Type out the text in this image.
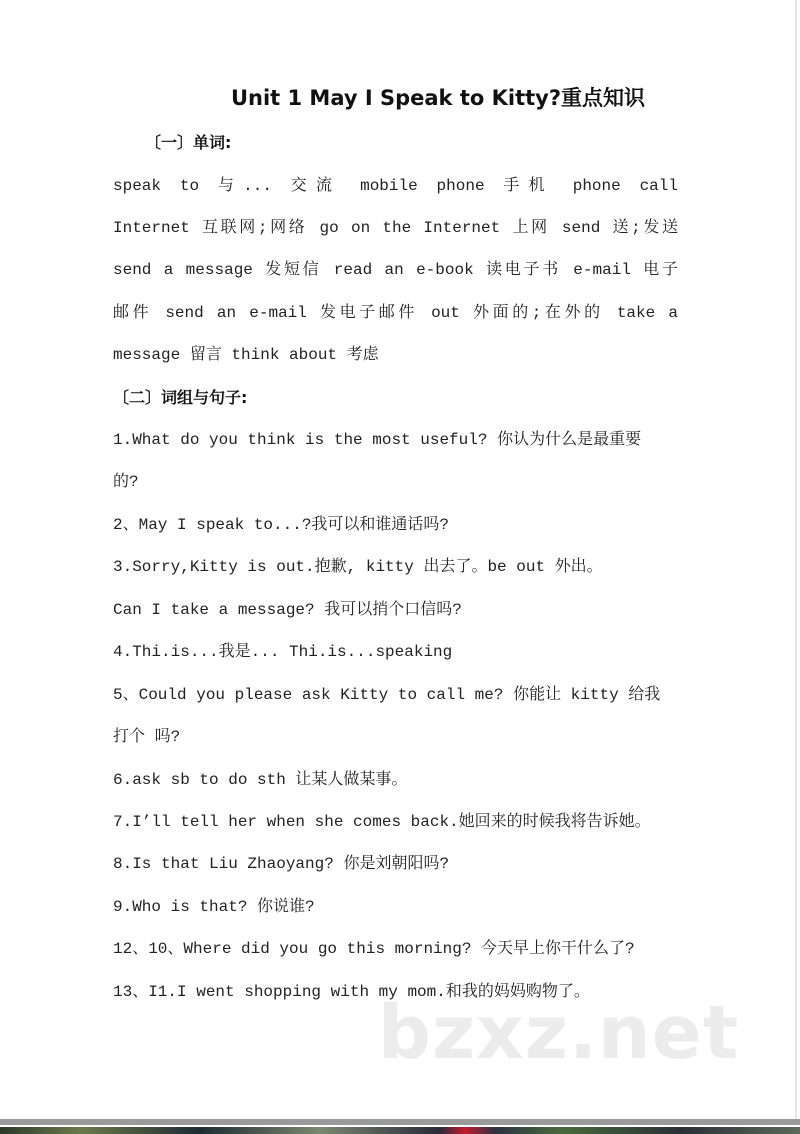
Unit 1 May I Speak to Kitty?重点知识
〔一〕单词:
speak to 与... 交流 mobile phone 手机 phone call
Internet 互联网;网络 go on the Internet 上网 send 送;发送
send a message 发短信 read an e-book 读电子书 e-mail 电子
邮件 send an e-mail 发电子邮件 out 外面的;在外的 take a
message 留言 think about 考虑
〔二〕词组与句子:
1.What do you think is the most useful? 你认为什么是最重要
的?
2、May I speak to...?我可以和谁通话吗?
3.Sorry,Kitty is out.抱歉, kitty 出去了。be out 外出。
Can I take a message? 我可以捎个口信吗?
4.Thi.is...我是... Thi.is...speaking
5、Could you please ask Kitty to call me? 你能让 kitty 给我
打个 吗?
6.ask sb to do sth 让某人做某事。
7.I’ll tell her when she comes back.她回来的时候我将告诉她。
8.Is that Liu Zhaoyang? 你是刘朝阳吗?
9.Who is that? 你说谁?
12、10、Where did you go this morning? 今天早上你干什么了?
13、I1.I went shopping with my mom.和我的妈妈购物了。
bzxz.net
